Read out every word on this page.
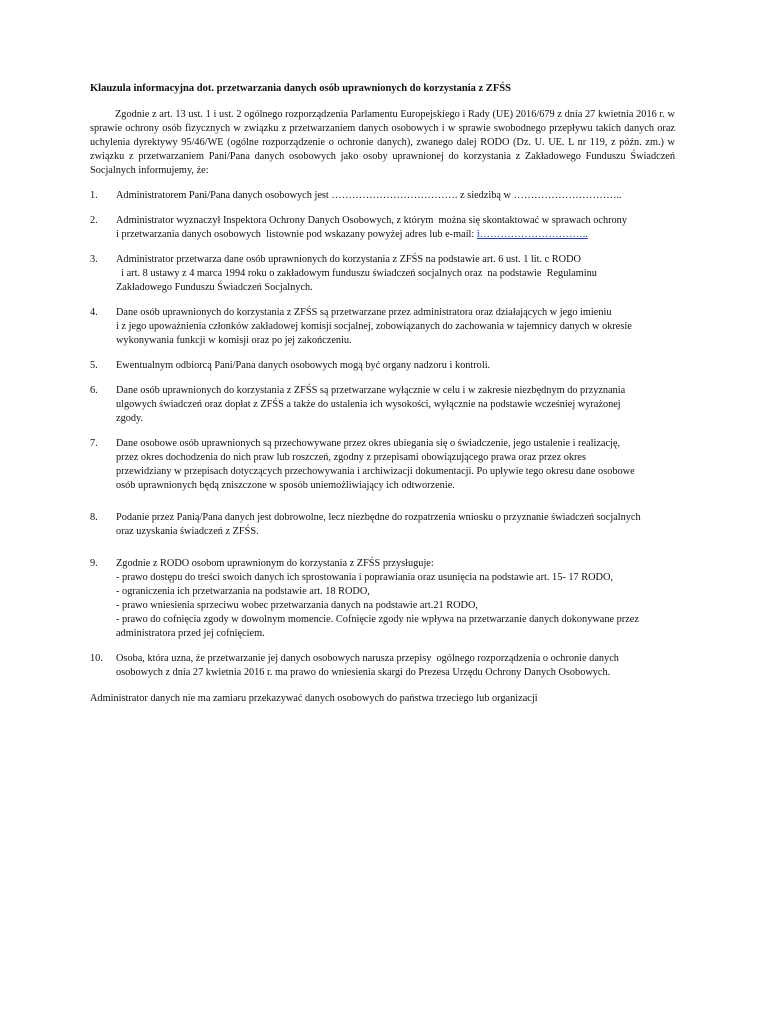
Klauzula informacyjna dot. przetwarzania danych osób uprawnionych do korzystania z ZFŚS

Zgodnie z art. 13 ust. 1 i ust. 2 ogólnego rozporządzenia Parlamentu Europejskiego i Rady (UE) 2016/679 z dnia 27 kwietnia 2016 r. w sprawie ochrony osób fizycznych w związku z przetwarzaniem danych osobowych i w sprawie swobodnego przepływu takich danych oraz uchylenia dyrektywy 95/46/WE (ogólne rozporządzenie o ochronie danych), zwanego dalej RODO (Dz. U. UE. L nr 119, z późn. zm.) w związku z przetwarzaniem Pani/Pana danych osobowych jako osoby uprawnionej do korzystania z Zakładowego Funduszu Świadczeń Socjalnych informujemy, że:

1. Administratorem Pani/Pana danych osobowych jest ………………………………. z siedzibą w …………………………..
2. Administrator wyznaczył Inspektora Ochrony Danych Osobowych, z którym  można się skontaktować w sprawach ochrony
i przetwarzania danych osobowych  listownie pod wskazany powyżej adres lub e-mail: i…………………………..
3. Administrator przetwarza dane osób uprawnionych do korzystania z ZFŚS na podstawie art. 6 ust. 1 lit. c RODO
i art. 8 ustawy z 4 marca 1994 roku o zakładowym funduszu świadczeń socjalnych oraz  na podstawie  Regulaminu
Zakładowego Funduszu Świadczeń Socjalnych.
4. Dane osób uprawnionych do korzystania z ZFŚS są przetwarzane przez administratora oraz działających w jego imieniu
i z jego upoważnienia członków zakładowej komisji socjalnej, zobowiązanych do zachowania w tajemnicy danych w okresie
wykonywania funkcji w komisji oraz po jej zakończeniu.
5. Ewentualnym odbiorcą Pani/Pana danych osobowych mogą być organy nadzoru i kontroli.
6. Dane osób uprawnionych do korzystania z ZFŚS są przetwarzane wyłącznie w celu i w zakresie niezbędnym do przyznania
ulgowych świadczeń oraz dopłat z ZFŚS a także do ustalenia ich wysokości, wyłącznie na podstawie wcześniej wyrażonej
zgody.
7. Dane osobowe osób uprawnionych są przechowywane przez okres ubiegania się o świadczenie, jego ustalenie i realizację,
przez okres dochodzenia do nich praw lub roszczeń, zgodny z przepisami obowiązującego prawa oraz przez okres
przewidziany w przepisach dotyczących przechowywania i archiwizacji dokumentacji. Po upływie tego okresu dane osobowe
osób uprawnionych będą zniszczone w sposób uniemożliwiający ich odtworzenie.
8. Podanie przez Panią/Pana danych jest dobrowolne, lecz niezbędne do rozpatrzenia wniosku o przyznanie świadczeń socjalnych
oraz uzyskania świadczeń z ZFŚS.
9. Zgodnie z RODO osobom uprawnionym do korzystania z ZFŚS przysługuje:
- prawo dostępu do treści swoich danych ich sprostowania i poprawiania oraz usunięcia na podstawie art. 15- 17 RODO,
- ograniczenia ich przetwarzania na podstawie art. 18 RODO,
- prawo wniesienia sprzeciwu wobec przetwarzania danych na podstawie art.21 RODO,
- prawo do cofnięcia zgody w dowolnym momencie. Cofnięcie zgody nie wpływa na przetwarzanie danych dokonywane przez
administratora przed jej cofnięciem.
10. Osoba, która uzna, że przetwarzanie jej danych osobowych narusza przepisy  ogólnego rozporządzenia o ochronie danych
osobowych z dnia 27 kwietnia 2016 r. ma prawo do wniesienia skargi do Prezesa Urzędu Ochrony Danych Osobowych.
Administrator danych nie ma zamiaru przekazywać danych osobowych do państwa trzeciego lub organizacji
